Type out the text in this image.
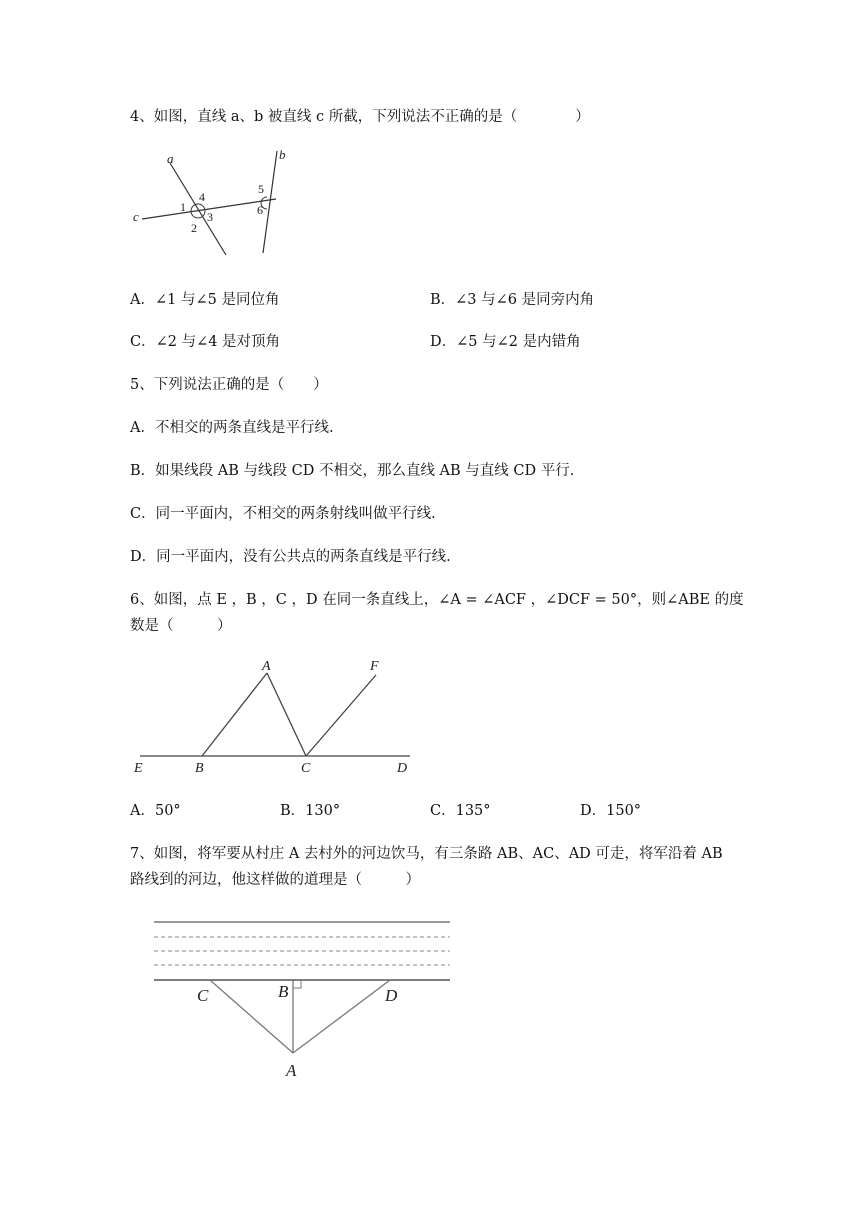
4、如图，直线 a、b 被直线 c 所截，下列说法不正确的是（　　　　）
a	b
c
1
2
3
4
5
6
A．∠1 与∠5 是同位角	B．∠3 与∠6 是同旁内角
C．∠2 与∠4 是对顶角	D．∠5 与∠2 是内错角
5、下列说法正确的是（　　）
A．不相交的两条直线是平行线.
B．如果线段 AB 与线段 CD 不相交，那么直线 AB 与直线 CD 平行.
C．同一平面内，不相交的两条射线叫做平行线.
D．同一平面内，没有公共点的两条直线是平行线.
6、如图，点 E ，B ，C ，D 在同一条直线上，∠A = ∠ACF ，∠DCF = 50°，则∠ABE 的度
数是（　　　）
A	F
E	B	C	D
A．50°	B．130°	C．135°	D．150°
7、如图，将军要从村庄 A 去村外的河边饮马，有三条路 AB、AC、AD 可走，将军沿着 AB
路线到的河边，他这样做的道理是（　　　）
C	B	D
A
